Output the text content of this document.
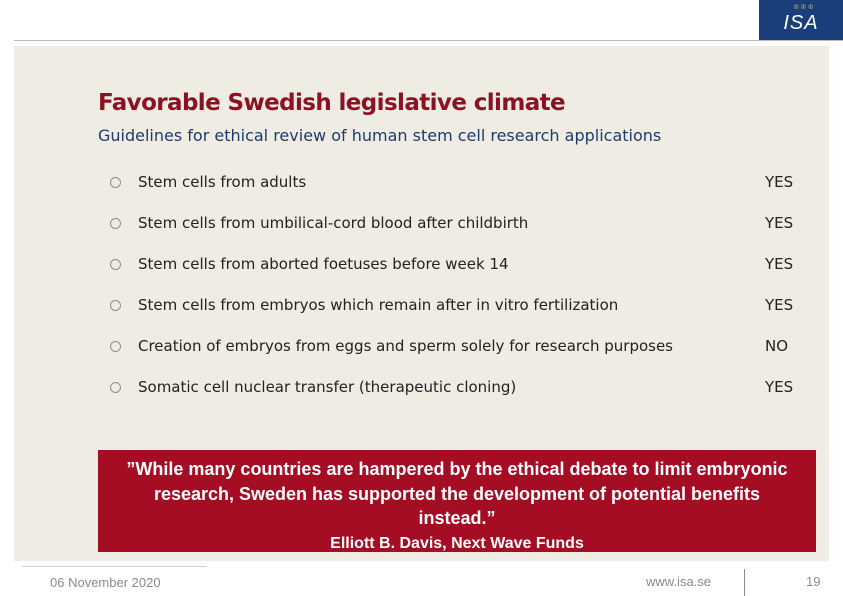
♔♔♔
ISA
Favorable Swedish legislative climate
Guidelines for ethical review of human stem cell research applications
Stem cells from adults	YES
Stem cells from umbilical-cord blood after childbirth	YES
Stem cells from aborted foetuses before week 14	YES
Stem cells from embryos which remain after in vitro fertilization	YES
Creation of embryos from eggs and sperm solely for research purposes	NO
Somatic cell nuclear transfer (therapeutic cloning)	YES
”While many countries are hampered by the ethical debate to limit embryonic research, Sweden has supported the development of potential benefits instead.”
Elliott B. Davis, Next Wave Funds
06 November 2020	www.isa.se	19
